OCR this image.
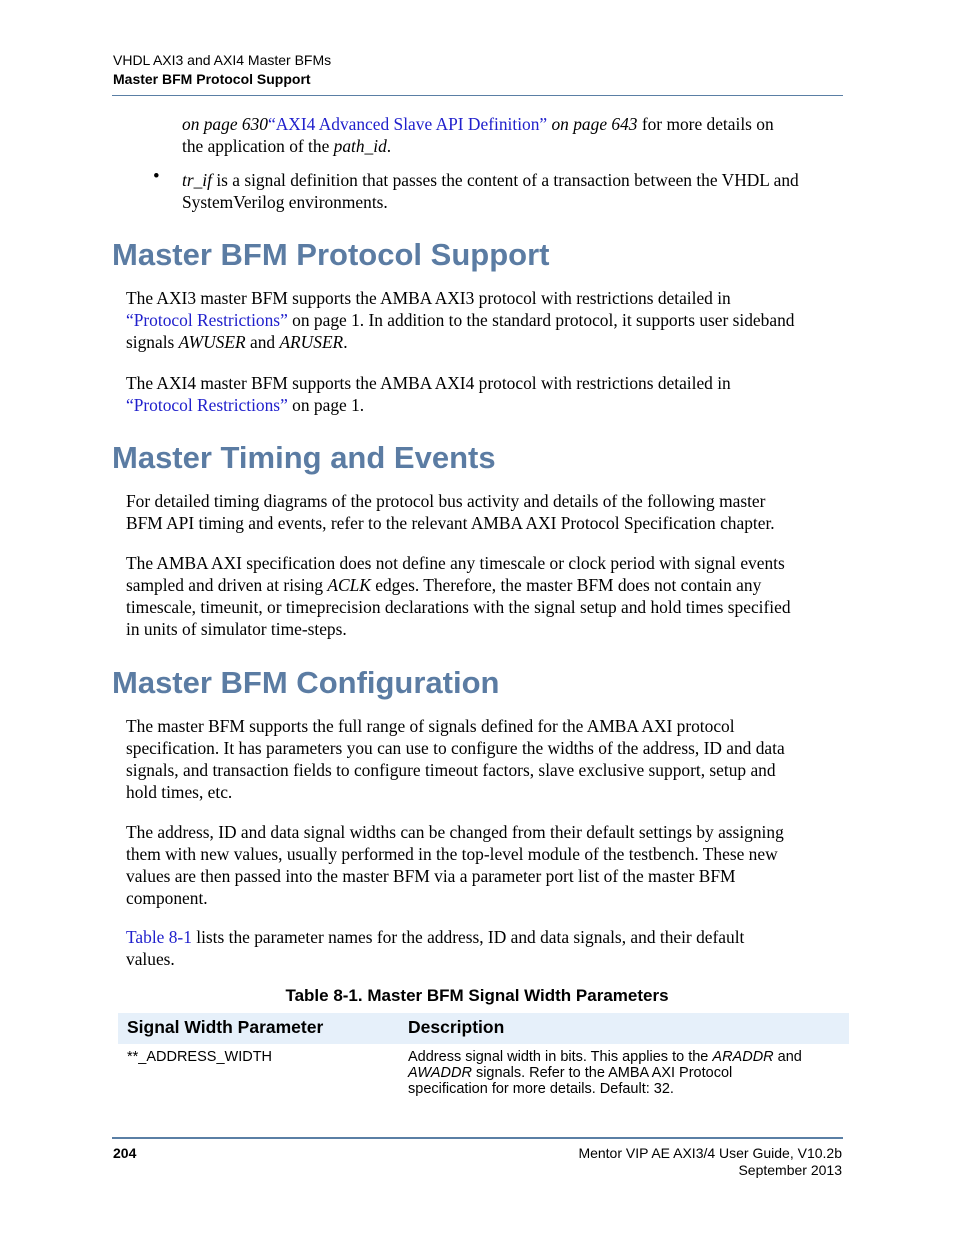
VHDL AXI3 and AXI4 Master BFMs
Master BFM Protocol Support

on page 630“AXI4 Advanced Slave API Definition” on page 643 for more details on
the application of the path_id.

• tr_if is a signal definition that passes the content of a transaction between the VHDL and
SystemVerilog environments.

Master BFM Protocol Support

The AXI3 master BFM supports the AMBA AXI3 protocol with restrictions detailed in
“Protocol Restrictions” on page 1. In addition to the standard protocol, it supports user sideband
signals AWUSER and ARUSER.

The AXI4 master BFM supports the AMBA AXI4 protocol with restrictions detailed in
“Protocol Restrictions” on page 1.

Master Timing and Events

For detailed timing diagrams of the protocol bus activity and details of the following master
BFM API timing and events, refer to the relevant AMBA AXI Protocol Specification chapter.

The AMBA AXI specification does not define any timescale or clock period with signal events
sampled and driven at rising ACLK edges. Therefore, the master BFM does not contain any
timescale, timeunit, or timeprecision declarations with the signal setup and hold times specified
in units of simulator time-steps.

Master BFM Configuration

The master BFM supports the full range of signals defined for the AMBA AXI protocol
specification. It has parameters you can use to configure the widths of the address, ID and data
signals, and transaction fields to configure timeout factors, slave exclusive support, setup and
hold times, etc.

The address, ID and data signal widths can be changed from their default settings by assigning
them with new values, usually performed in the top-level module of the testbench. These new
values are then passed into the master BFM via a parameter port list of the master BFM
component.

Table 8-1 lists the parameter names for the address, ID and data signals, and their default
values.

Table 8-1. Master BFM Signal Width Parameters
Signal Width Parameter	Description
**_ADDRESS_WIDTH	Address signal width in bits. This applies to the ARADDR and
AWADDR signals. Refer to the AMBA AXI Protocol
specification for more details. Default: 32.
204	Mentor VIP AE AXI3/4 User Guide, V10.2b
September 2013
